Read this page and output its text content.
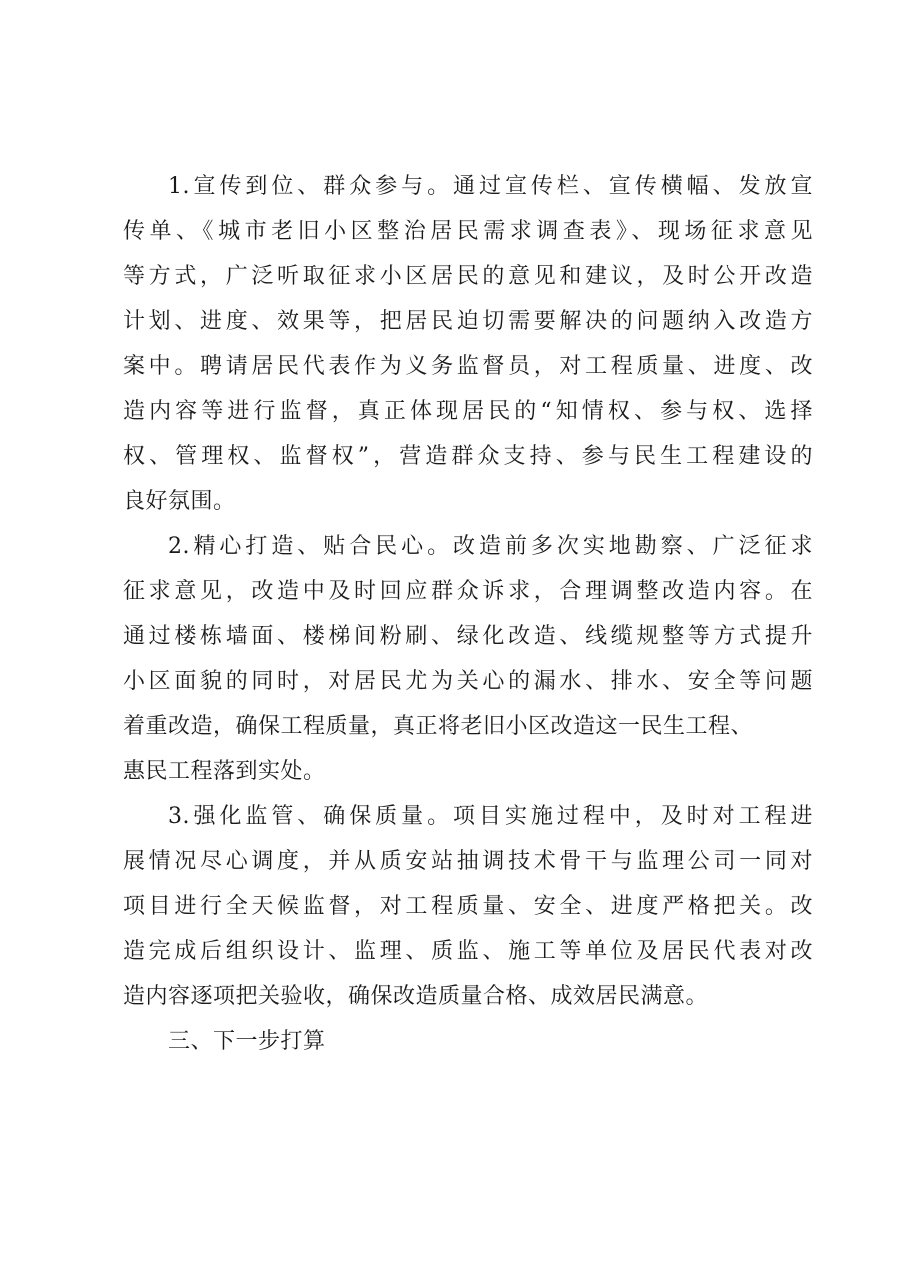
1.宣传到位、群众参与。通过宣传栏、宣传横幅、发放宣
传单、《城市老旧小区整治居民需求调查表》、现场征求意见
等方式，广泛听取征求小区居民的意见和建议，及时公开改造
计划、进度、效果等，把居民迫切需要解决的问题纳入改造方
案中。聘请居民代表作为义务监督员，对工程质量、进度、改
造内容等进行监督，真正体现居民的“知情权、参与权、选择
权、管理权、监督权”，营造群众支持、参与民生工程建设的
良好氛围。
2.精心打造、贴合民心。改造前多次实地勘察、广泛征求
征求意见，改造中及时回应群众诉求，合理调整改造内容。在
通过楼栋墙面、楼梯间粉刷、绿化改造、线缆规整等方式提升
小区面貌的同时，对居民尤为关心的漏水、排水、安全等问题
着重改造，确保工程质量，真正将老旧小区改造这一民生工程、
惠民工程落到实处。
3.强化监管、确保质量。项目实施过程中，及时对工程进
展情况尽心调度，并从质安站抽调技术骨干与监理公司一同对
项目进行全天候监督，对工程质量、安全、进度严格把关。改
造完成后组织设计、监理、质监、施工等单位及居民代表对改
造内容逐项把关验收，确保改造质量合格、成效居民满意。
三、下一步打算
